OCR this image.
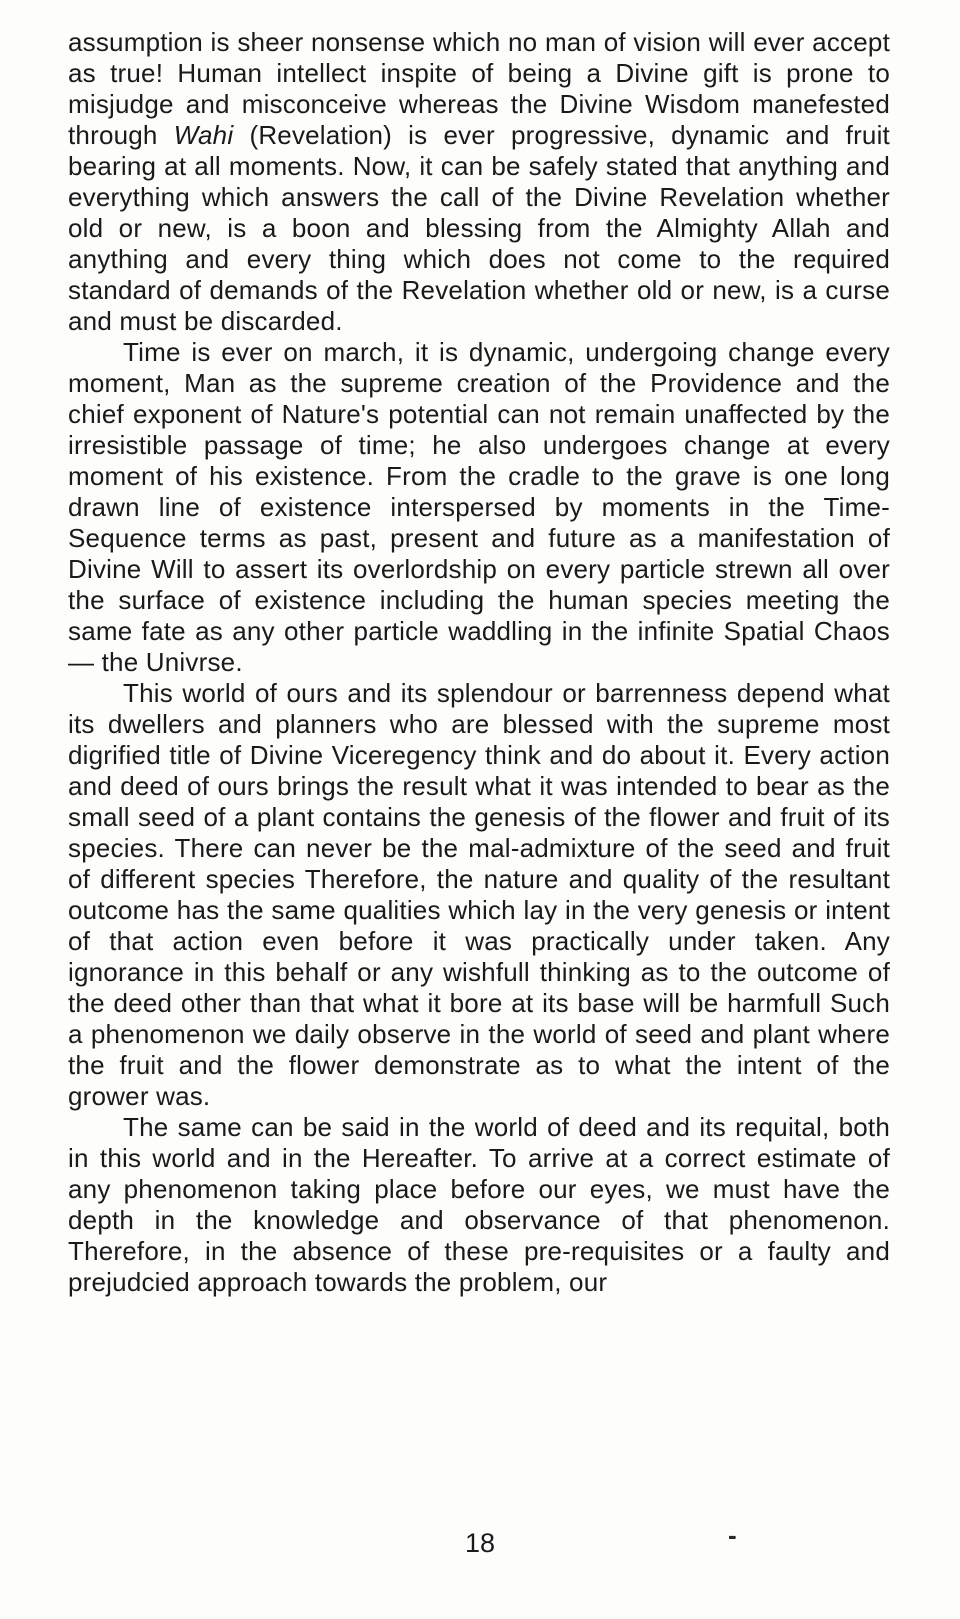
assumption is sheer nonsense which no man of vision will ever accept as true! Human intellect inspite of being a Divine gift is prone to misjudge and misconceive whereas the Divine Wisdom manefested through Wahi (Revelation) is ever progressive, dynamic and fruit bearing at all moments. Now, it can be safely stated that anything and everything which answers the call of the Divine Revelation whether old or new, is a boon and blessing from the Almighty Allah and anything and every thing which does not come to the required standard of demands of the Revelation whether old or new, is a curse and must be discarded.

Time is ever on march, it is dynamic, undergoing change every moment, Man as the supreme creation of the Providence and the chief exponent of Nature's potential can not remain unaffected by the irresistible passage of time; he also undergoes change at every moment of his existence. From the cradle to the grave is one long drawn line of existence interspersed by moments in the Time-Sequence terms as past, present and future as a manifestation of Divine Will to assert its overlordship on every particle strewn all over the surface of existence including the human species meeting the same fate as any other particle waddling in the infinite Spatial Chaos — the Univrse.

This world of ours and its splendour or barrenness depend what its dwellers and planners who are blessed with the supreme most digrified title of Divine Viceregency think and do about it. Every action and deed of ours brings the result what it was intended to bear as the small seed of a plant contains the genesis of the flower and fruit of its species. There can never be the mal-admixture of the seed and fruit of different species Therefore, the nature and quality of the resultant outcome has the same qualities which lay in the very genesis or intent of that action even before it was practically under taken. Any ignorance in this behalf or any wishfull thinking as to the outcome of the deed other than that what it bore at its base will be harmfull Such a phenomenon we daily observe in the world of seed and plant where the fruit and the flower demonstrate as to what the intent of the grower was.

The same can be said in the world of deed and its requital, both in this world and in the Hereafter. To arrive at a correct estimate of any phenomenon taking place before our eyes, we must have the depth in the knowledge and observance of that phenomenon. Therefore, in the absence of these pre-requisites or a faulty and prejudcied approach towards the problem, our

-
18
